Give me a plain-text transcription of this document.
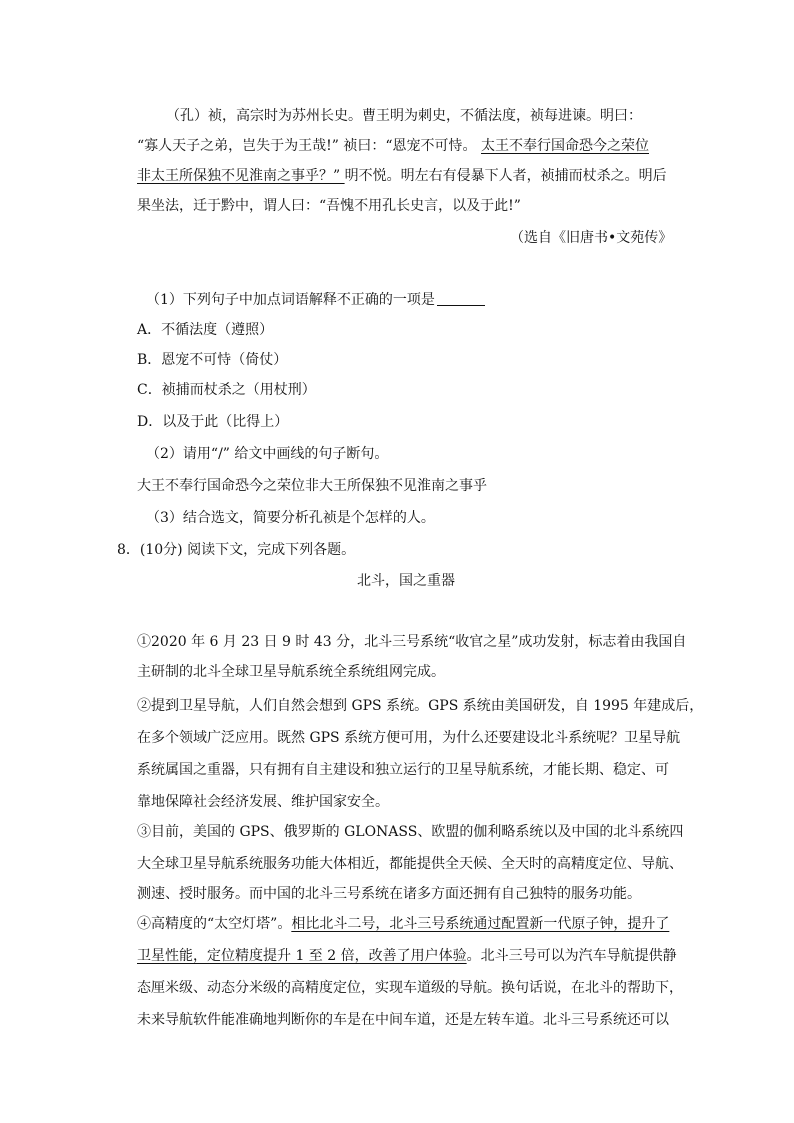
（孔）祯，高宗时为苏州长史。曹王明为刺史，不循法度，祯每进谏。明曰：
“寡人天子之弟，岂失于为王哉!” 祯曰：“恩宠不可恃。 太王不奉行国命恐今之荣位
非太王所保独不见淮南之事乎？” 明不悦。明左右有侵暴下人者，祯捕而杖杀之。明后
果坐法，迁于黔中，谓人曰：“吾愧不用孔长史言，以及于此!”
（选自《旧唐书•文苑传》
（1）下列句子中加点词语解释不正确的一项是
A．不循法度（遵照）
B．恩宠不可恃（倚仗）
C．祯捕而杖杀之（用杖刑）
D．以及于此（比得上）
（2）请用“/” 给文中画线的句子断句。
大王不奉行国命恐今之荣位非大王所保独不见淮南之事乎
（3）结合选文，简要分析孔祯是个怎样的人。
8．(10分) 阅读下文，完成下列各题。
北斗，国之重器
①2020 年 6 月 23 日 9 时 43 分，北斗三号系统“收官之星”成功发射，标志着由我国自
主研制的北斗全球卫星导航系统全系统组网完成。
②提到卫星导航，人们自然会想到 GPS 系统。GPS 系统由美国研发，自 1995 年建成后，
在多个领域广泛应用。既然 GPS 系统方便可用，为什么还要建设北斗系统呢？卫星导航
系统属国之重器，只有拥有自主建设和独立运行的卫星导航系统，才能长期、稳定、可
靠地保障社会经济发展、维护国家安全。
③目前，美国的 GPS、俄罗斯的 GLONASS、欧盟的伽利略系统以及中国的北斗系统四
大全球卫星导航系统服务功能大体相近，都能提供全天候、全天时的高精度定位、导航、
测速、授时服务。而中国的北斗三号系统在诸多方面还拥有自己独特的服务功能。
④高精度的“太空灯塔”。相比北斗二号，北斗三号系统通过配置新一代原子钟，提升了
卫星性能，定位精度提升 1 至 2 倍，改善了用户体验。北斗三号可以为汽车导航提供静
态厘米级、动态分米级的高精度定位，实现车道级的导航。换句话说，在北斗的帮助下，
未来导航软件能准确地判断你的车是在中间车道，还是左转车道。北斗三号系统还可以
